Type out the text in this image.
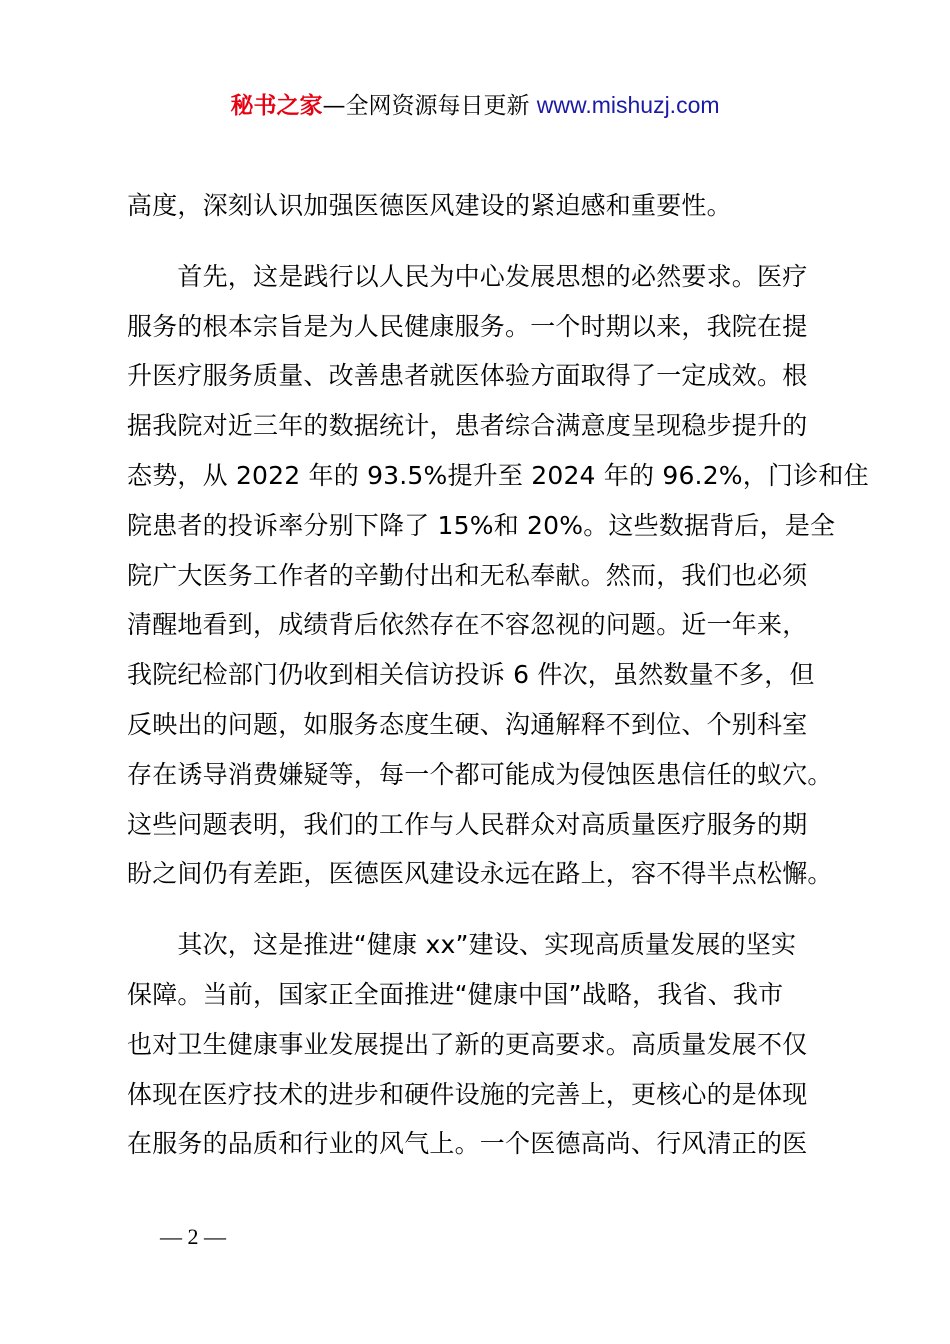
秘书之家—全网资源每日更新 www.mishuzj.com
高度，深刻认识加强医德医风建设的紧迫感和重要性。
　　首先，这是践行以人民为中心发展思想的必然要求。医疗
服务的根本宗旨是为人民健康服务。一个时期以来，我院在提
升医疗服务质量、改善患者就医体验方面取得了一定成效。根
据我院对近三年的数据统计，患者综合满意度呈现稳步提升的
态势，从 2022 年的 93.5%提升至 2024 年的 96.2%，门诊和住
院患者的投诉率分别下降了 15%和 20%。这些数据背后，是全
院广大医务工作者的辛勤付出和无私奉献。然而，我们也必须
清醒地看到，成绩背后依然存在不容忽视的问题。近一年来，
我院纪检部门仍收到相关信访投诉 6 件次，虽然数量不多，但
反映出的问题，如服务态度生硬、沟通解释不到位、个别科室
存在诱导消费嫌疑等，每一个都可能成为侵蚀医患信任的蚁穴。
这些问题表明，我们的工作与人民群众对高质量医疗服务的期
盼之间仍有差距，医德医风建设永远在路上，容不得半点松懈。
　　其次，这是推进“健康 xx”建设、实现高质量发展的坚实
保障。当前，国家正全面推进“健康中国”战略，我省、我市
也对卫生健康事业发展提出了新的更高要求。高质量发展不仅
体现在医疗技术的进步和硬件设施的完善上，更核心的是体现
在服务的品质和行业的风气上。一个医德高尚、行风清正的医
— 2 —
